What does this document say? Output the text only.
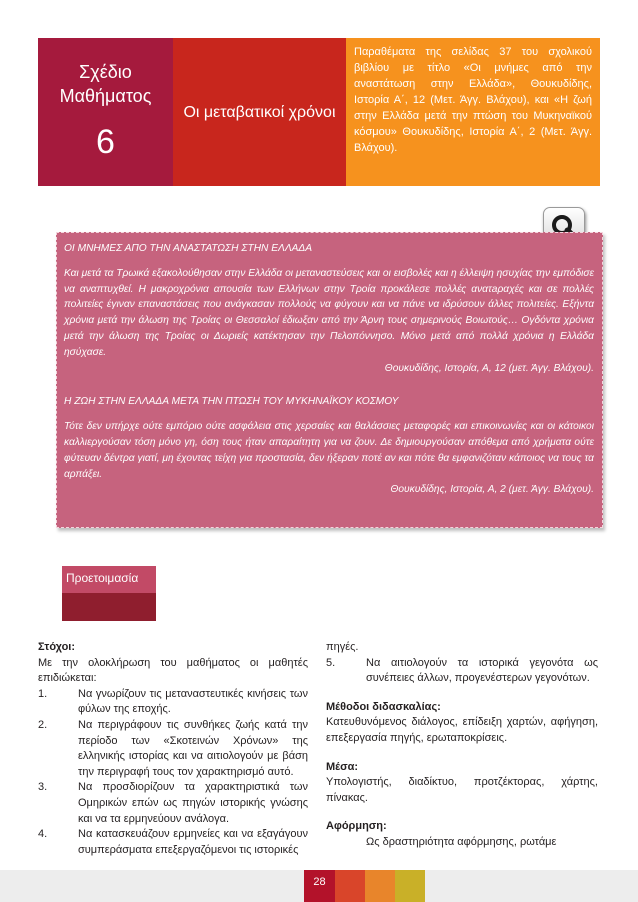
Σχέδιο
Μαθήματος
6
Οι μεταβατικοί χρόνοι
Παραθέματα της σελίδας 37 του σχολικού βιβλίου με τίτλο «Οι μνήμες από την αναστάτωση στην Ελλάδα», Θουκυδίδης, Ιστορία Α΄, 12 (Μετ. Άγγ. Βλάχου), και «Η ζωή στην Ελλάδα μετά την πτώση του Μυκηναϊκού κόσμου» Θουκυδίδης, Ιστορία Α΄, 2 (Μετ. Άγγ. Βλάχου).
ΟΙ ΜΝΗΜΕΣ ΑΠΟ ΤΗΝ ΑΝΑΣΤΑΤΩΣΗ ΣΤΗΝ ΕΛΛΑΔΑ
Και μετά τα Τρωικά εξακολούθησαν στην Ελλάδα οι μεταναστεύσεις και οι εισβολές και η έλλειψη ησυχίας την εμπόδισε να αναπτυχθεί. Η μακροχρόνια απουσία των Ελλήνων στην Τροία προκάλεσε πολλές ανατaραχές και σε πολλές πολιτείες έγιναν επαναστάσεις που ανάγκασαν πολλούς να φύγουν και να πάνε να ιδρύσουν άλλες πολιτείες. Εξήντα χρόνια μετά την άλωση της Τροίας οι Θεσσαλοί έδιωξαν από την Άρνη τους σημερινούς Βοιωτούς… Ογδόντα χρόνια μετά την άλωση της Τροίας οι Δωριείς κατέκτησαν την Πελοπόννησο. Μόνο μετά από πολλά χρόνια η Ελλάδα ησύχασε.
Θουκυδίδης, Ιστορία, Α, 12 (μετ. Άγγ. Βλάχου).
Η ΖΩΗ ΣΤΗΝ ΕΛΛΑΔΑ ΜΕΤΑ ΤΗΝ ΠΤΩΣΗ ΤΟΥ ΜΥΚΗΝΑΪΚΟΥ ΚΟΣΜΟΥ
Τότε δεν υπήρχε ούτε εμπόριο ούτε ασφάλεια στις χερσαίες και θαλάσσιες μεταφορές και επικοινωνίες και οι κάτοικοι καλλιεργούσαν τόση μόνο γη, όση τους ήταν απαραίτητη για να ζουν. Δε δημιουργούσαν απόθεμα από χρήματα ούτε φύτευαν δέντρα γιατί, μη έχοντας τείχη για προστασία, δεν ήξεραν ποτέ αν και πότε θα εμφανιζόταν κάποιος να τους τα αρπάξει.
Θουκυδίδης, Ιστορία, Α, 2 (μετ. Άγγ. Βλάχου).
Προετοιμασία
Στόχοι:
Με την ολοκλήρωση του μαθήματος οι μαθητές επιδιώκεται:
1.	Να γνωρίζουν τις μεταναστευτικές κινήσεις των φύλων της εποχής.
2.	Να περιγράφουν τις συνθήκες ζωής κατά την περίοδο των «Σκοτεινών Χρόνων» της ελληνικής ιστορίας και να αιτιολογούν με βάση την περιγραφή τους τον χαρακτηρισμό αυτό.
3.	Να προσδιορίζουν τα χαρακτηριστικά των Ομηρικών επών ως πηγών ιστορικής γνώσης και να τα ερμηνεύουν ανάλογα.
4.	Να κατασκευάζουν ερμηνείες και να εξαγάγουν συμπεράσματα επεξεργαζόμενοι τις ιστορικές
πηγές.
5.	Να αιτιολογούν τα ιστορικά γεγονότα ως συνέπειες άλλων, προγενέστερων γεγονότων.
Μέθοδοι διδασκαλίας:
Κατευθυνόμενος διάλογος, επίδειξη χαρτών, αφήγηση, επεξεργασία πηγής, ερωταποκρίσεις.
Μέσα:
Υπολογιστής, διαδίκτυο, προτζέκτορας, χάρτης, πίνακας.
Αφόρμηση:
Ως δραστηριότητα αφόρμησης, ρωτάμε
28
